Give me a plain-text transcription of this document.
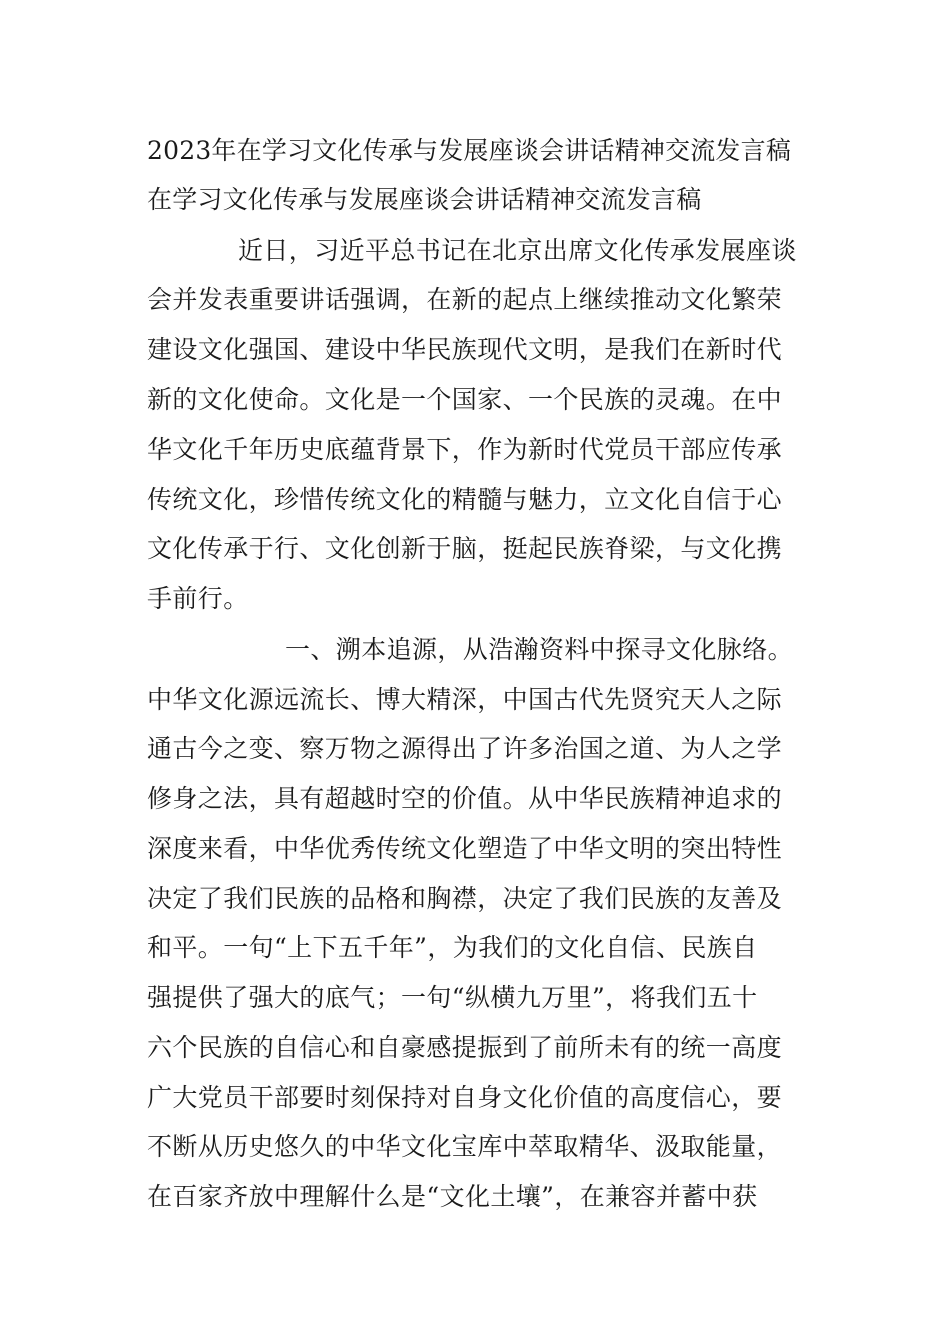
2023年在学习文化传承与发展座谈会讲话精神交流发言稿
在学习文化传承与发展座谈会讲话精神交流发言稿
近日，习近平总书记在北京出席文化传承发展座谈
会并发表重要讲话强调，在新的起点上继续推动文化繁荣
建设文化强国、建设中华民族现代文明，是我们在新时代
新的文化使命。文化是一个国家、一个民族的灵魂。在中
华文化千年历史底蕴背景下，作为新时代党员干部应传承
传统文化，珍惜传统文化的精髓与魅力，立文化自信于心
文化传承于行、文化创新于脑，挺起民族脊梁，与文化携
手前行。
一、溯本追源，从浩瀚资料中探寻文化脉络。
中华文化源远流长、博大精深，中国古代先贤究天人之际
通古今之变、察万物之源得出了许多治国之道、为人之学
修身之法，具有超越时空的价值。从中华民族精神追求的
深度来看，中华优秀传统文化塑造了中华文明的突出特性
决定了我们民族的品格和胸襟，决定了我们民族的友善及
和平。一句“上下五千年”，为我们的文化自信、民族自
强提供了强大的底气；一句“纵横九万里”，将我们五十
六个民族的自信心和自豪感提振到了前所未有的统一高度
广大党员干部要时刻保持对自身文化价值的高度信心，要
不断从历史悠久的中华文化宝库中萃取精华、汲取能量，
在百家齐放中理解什么是“文化土壤”，在兼容并蓄中获
